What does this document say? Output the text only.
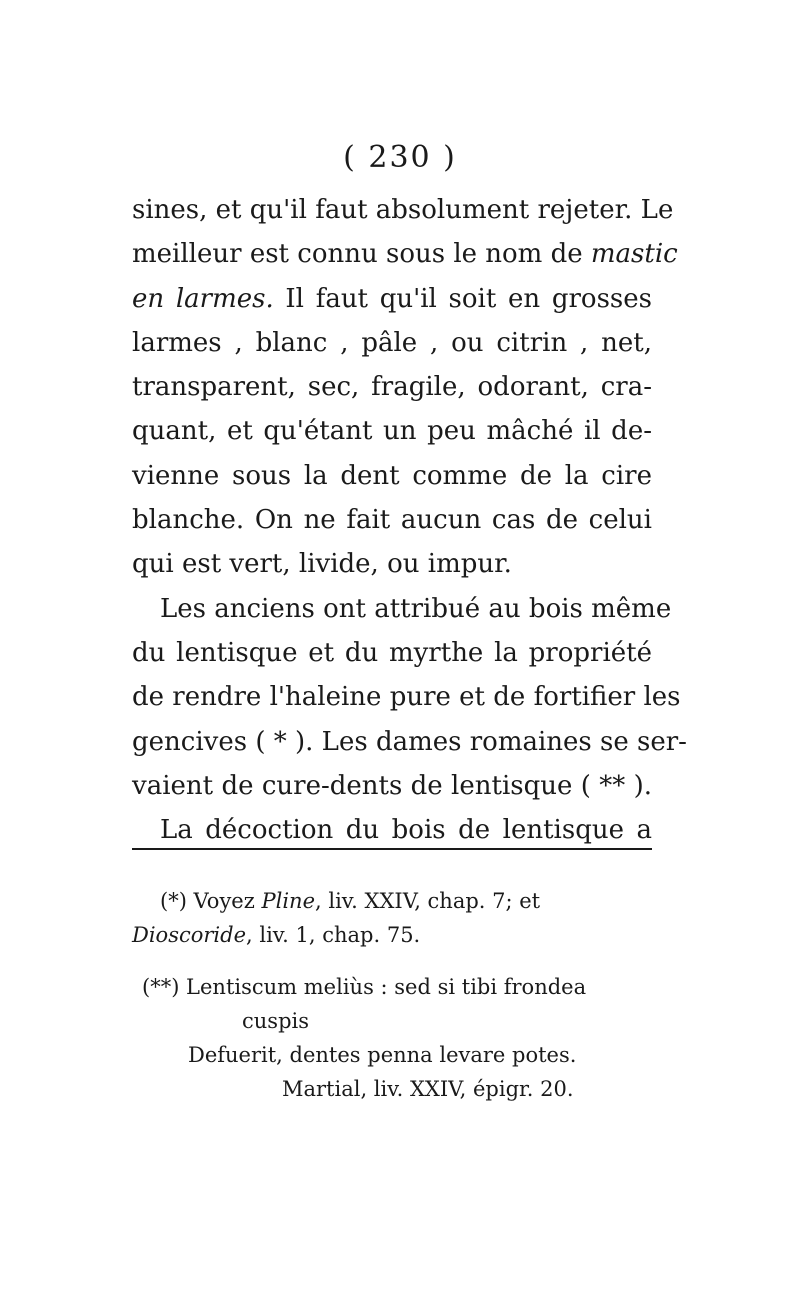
( 230 )
sines, et qu'il faut absolument rejeter. Le
meilleur est connu sous le nom de mastic
en larmes. Il faut qu'il soit en grosses
larmes , blanc , pâle , ou citrin , net,
transparent, sec, fragile, odorant, cra-
quant, et qu'étant un peu mâché il de-
vienne sous la dent comme de la cire
blanche. On ne fait aucun cas de celui
qui est vert, livide, ou impur.
Les anciens ont attribué au bois même
du lentisque et du myrthe la propriété
de rendre l'haleine pure et de fortifier les
gencives ( * ). Les dames romaines se ser-
vaient de cure-dents de lentisque ( ** ).
La décoction du bois de lentisque a
(*) Voyez Pline, liv. XXIV, chap. 7; et
Dioscoride, liv. 1, chap. 75.
(**) Lentiscum meliùs : sed si tibi frondea
cuspis
Defuerit, dentes penna levare potes.
Martial, liv. XXIV, épigr. 20.
